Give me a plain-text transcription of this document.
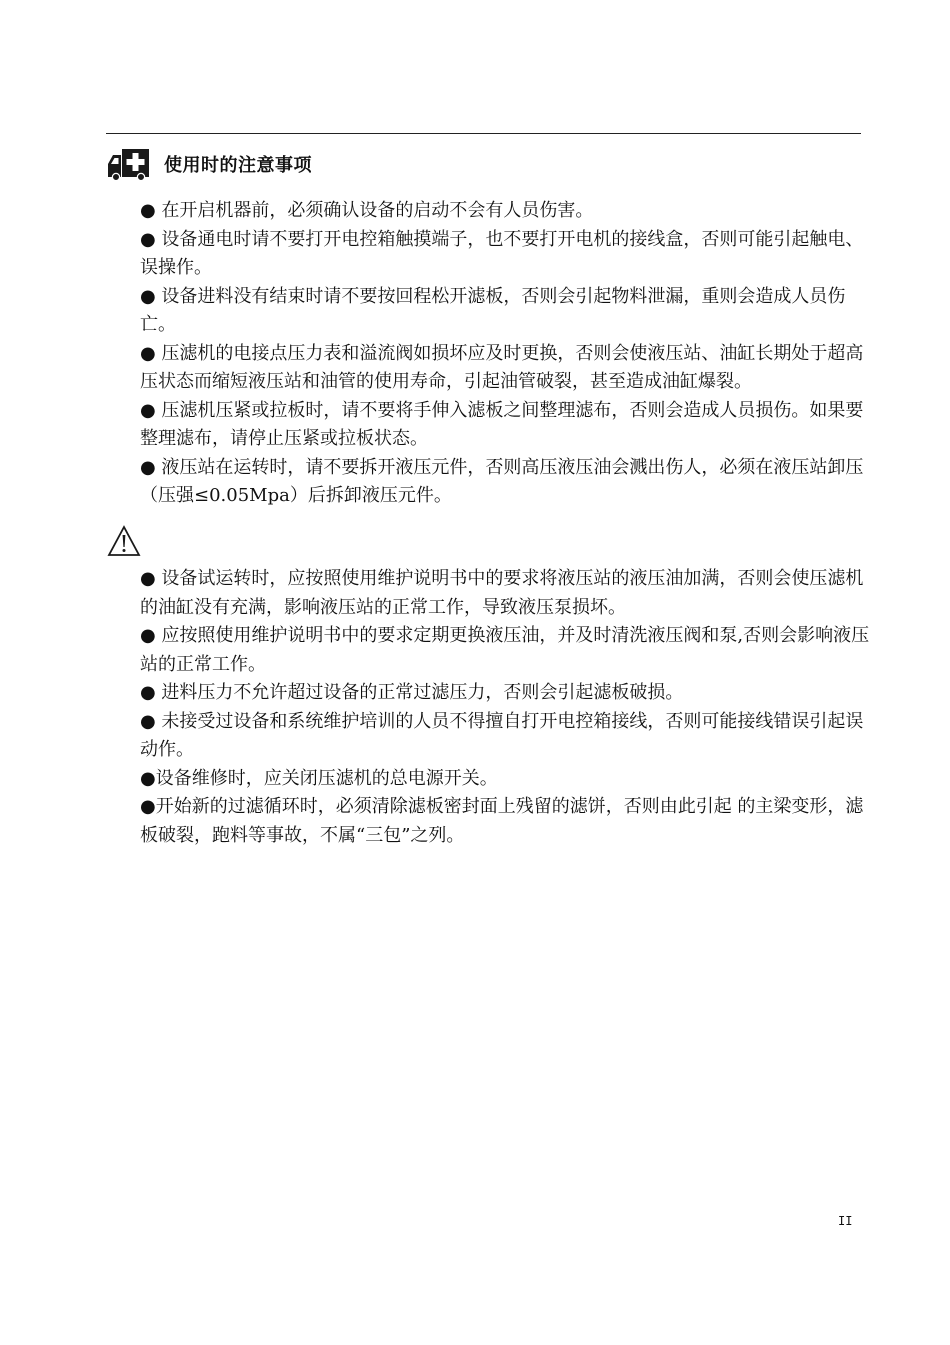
使用时的注意事项

● 在开启机器前，必须确认设备的启动不会有人员伤害。

● 设备通电时请不要打开电控箱触摸端子，也不要打开电机的接线盒，否则可能引起触电、误操作。

● 设备进料没有结束时请不要按回程松开滤板，否则会引起物料泄漏，重则会造成人员伤亡。

● 压滤机的电接点压力表和溢流阀如损坏应及时更换，否则会使液压站、油缸长期处于超高压状态而缩短液压站和油管的使用寿命，引起油管破裂，甚至造成油缸爆裂。

● 压滤机压紧或拉板时，请不要将手伸入滤板之间整理滤布，否则会造成人员损伤。如果要整理滤布，请停止压紧或拉板状态。

● 液压站在运转时，请不要拆开液压元件，否则高压液压油会溅出伤人，必须在液压站卸压（压强≤0.05Mpa）后拆卸液压元件。

● 设备试运转时，应按照使用维护说明书中的要求将液压站的液压油加满，否则会使压滤机的油缸没有充满，影响液压站的正常工作，导致液压泵损坏。

● 应按照使用维护说明书中的要求定期更换液压油，并及时清洗液压阀和泵,否则会影响液压站的正常工作。

● 进料压力不允许超过设备的正常过滤压力，否则会引起滤板破损。

● 未接受过设备和系统维护培训的人员不得擅自打开电控箱接线，否则可能接线错误引起误动作。

●设备维修时，应关闭压滤机的总电源开关。

●开始新的过滤循环时，必须清除滤板密封面上残留的滤饼，否则由此引起 的主梁变形，滤板破裂，跑料等事故，不属“三包”之列。

II
